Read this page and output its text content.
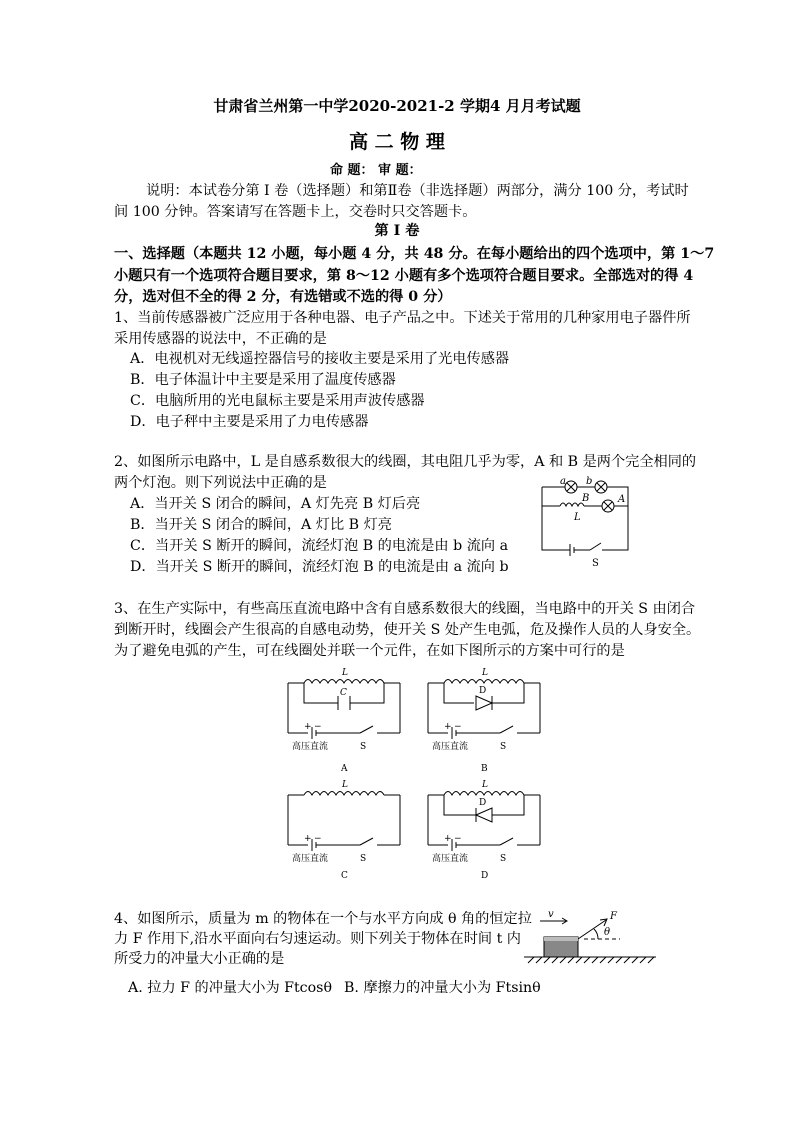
甘肃省兰州第一中学2020-2021-2 学期4 月月考试题
高 二 物 理
命 题： 审 题：
说明：本试卷分第 I 卷（选择题）和第Ⅱ卷（非选择题）两部分，满分 100 分，考试时
间 100 分钟。答案请写在答题卡上，交卷时只交答题卡。
第 I 卷
一、选择题（本题共 12 小题，每小题 4 分，共 48 分。在每小题给出的四个选项中，第 1～7
小题只有一个选项符合题目要求，第 8～12 小题有多个选项符合题目要求。全部选对的得 4
分，选对但不全的得 2 分，有选错或不选的得 0 分）
1、当前传感器被广泛应用于各种电器、电子产品之中。下述关于常用的几种家用电子器件所
采用传感器的说法中，不正确的是
A．电视机对无线遥控器信号的接收主要是采用了光电传感器
B．电子体温计中主要是采用了温度传感器
C．电脑所用的光电鼠标主要是采用声波传感器
D．电子秤中主要是采用了力电传感器
2、如图所示电路中，L 是自感系数很大的线圈，其电阻几乎为零，A 和 B 是两个完全相同的
两个灯泡。则下列说法中正确的是
A．当开关 S 闭合的瞬间，A 灯先亮 B 灯后亮
B．当开关 S 闭合的瞬间，A 灯比 B 灯亮
C．当开关 S 断开的瞬间，流经灯泡 B 的电流是由 b 流向 a
D．当开关 S 断开的瞬间，流经灯泡 B 的电流是由 a 流向 b
a b
B	A
L
S
3、在生产实际中，有些高压直流电路中含有自感系数很大的线圈，当电路中的开关 S 由闭合
到断开时，线圈会产生很高的自感电动势，使开关 S 处产生电弧，危及操作人员的人身安全。
为了避免电弧的产生，可在线圈处并联一个元件，在如下图所示的方案中可行的是
L
C
+ −
高压直流	S
A
L
D
+ −
高压直流	S
B
L
+ −
高压直流	S
C
L
D
+ −
高压直流	S
D
4、如图所示，质量为 m 的物体在一个与水平方向成 θ 角的恒定拉
力 F 作用下,沿水平面向右匀速运动。则下列关于物体在时间 t 内
所受力的冲量大小正确的是
A. 拉力 F 的冲量大小为 Ftcosθ B. 摩擦力的冲量大小为 Ftsinθ
v	F
θ
